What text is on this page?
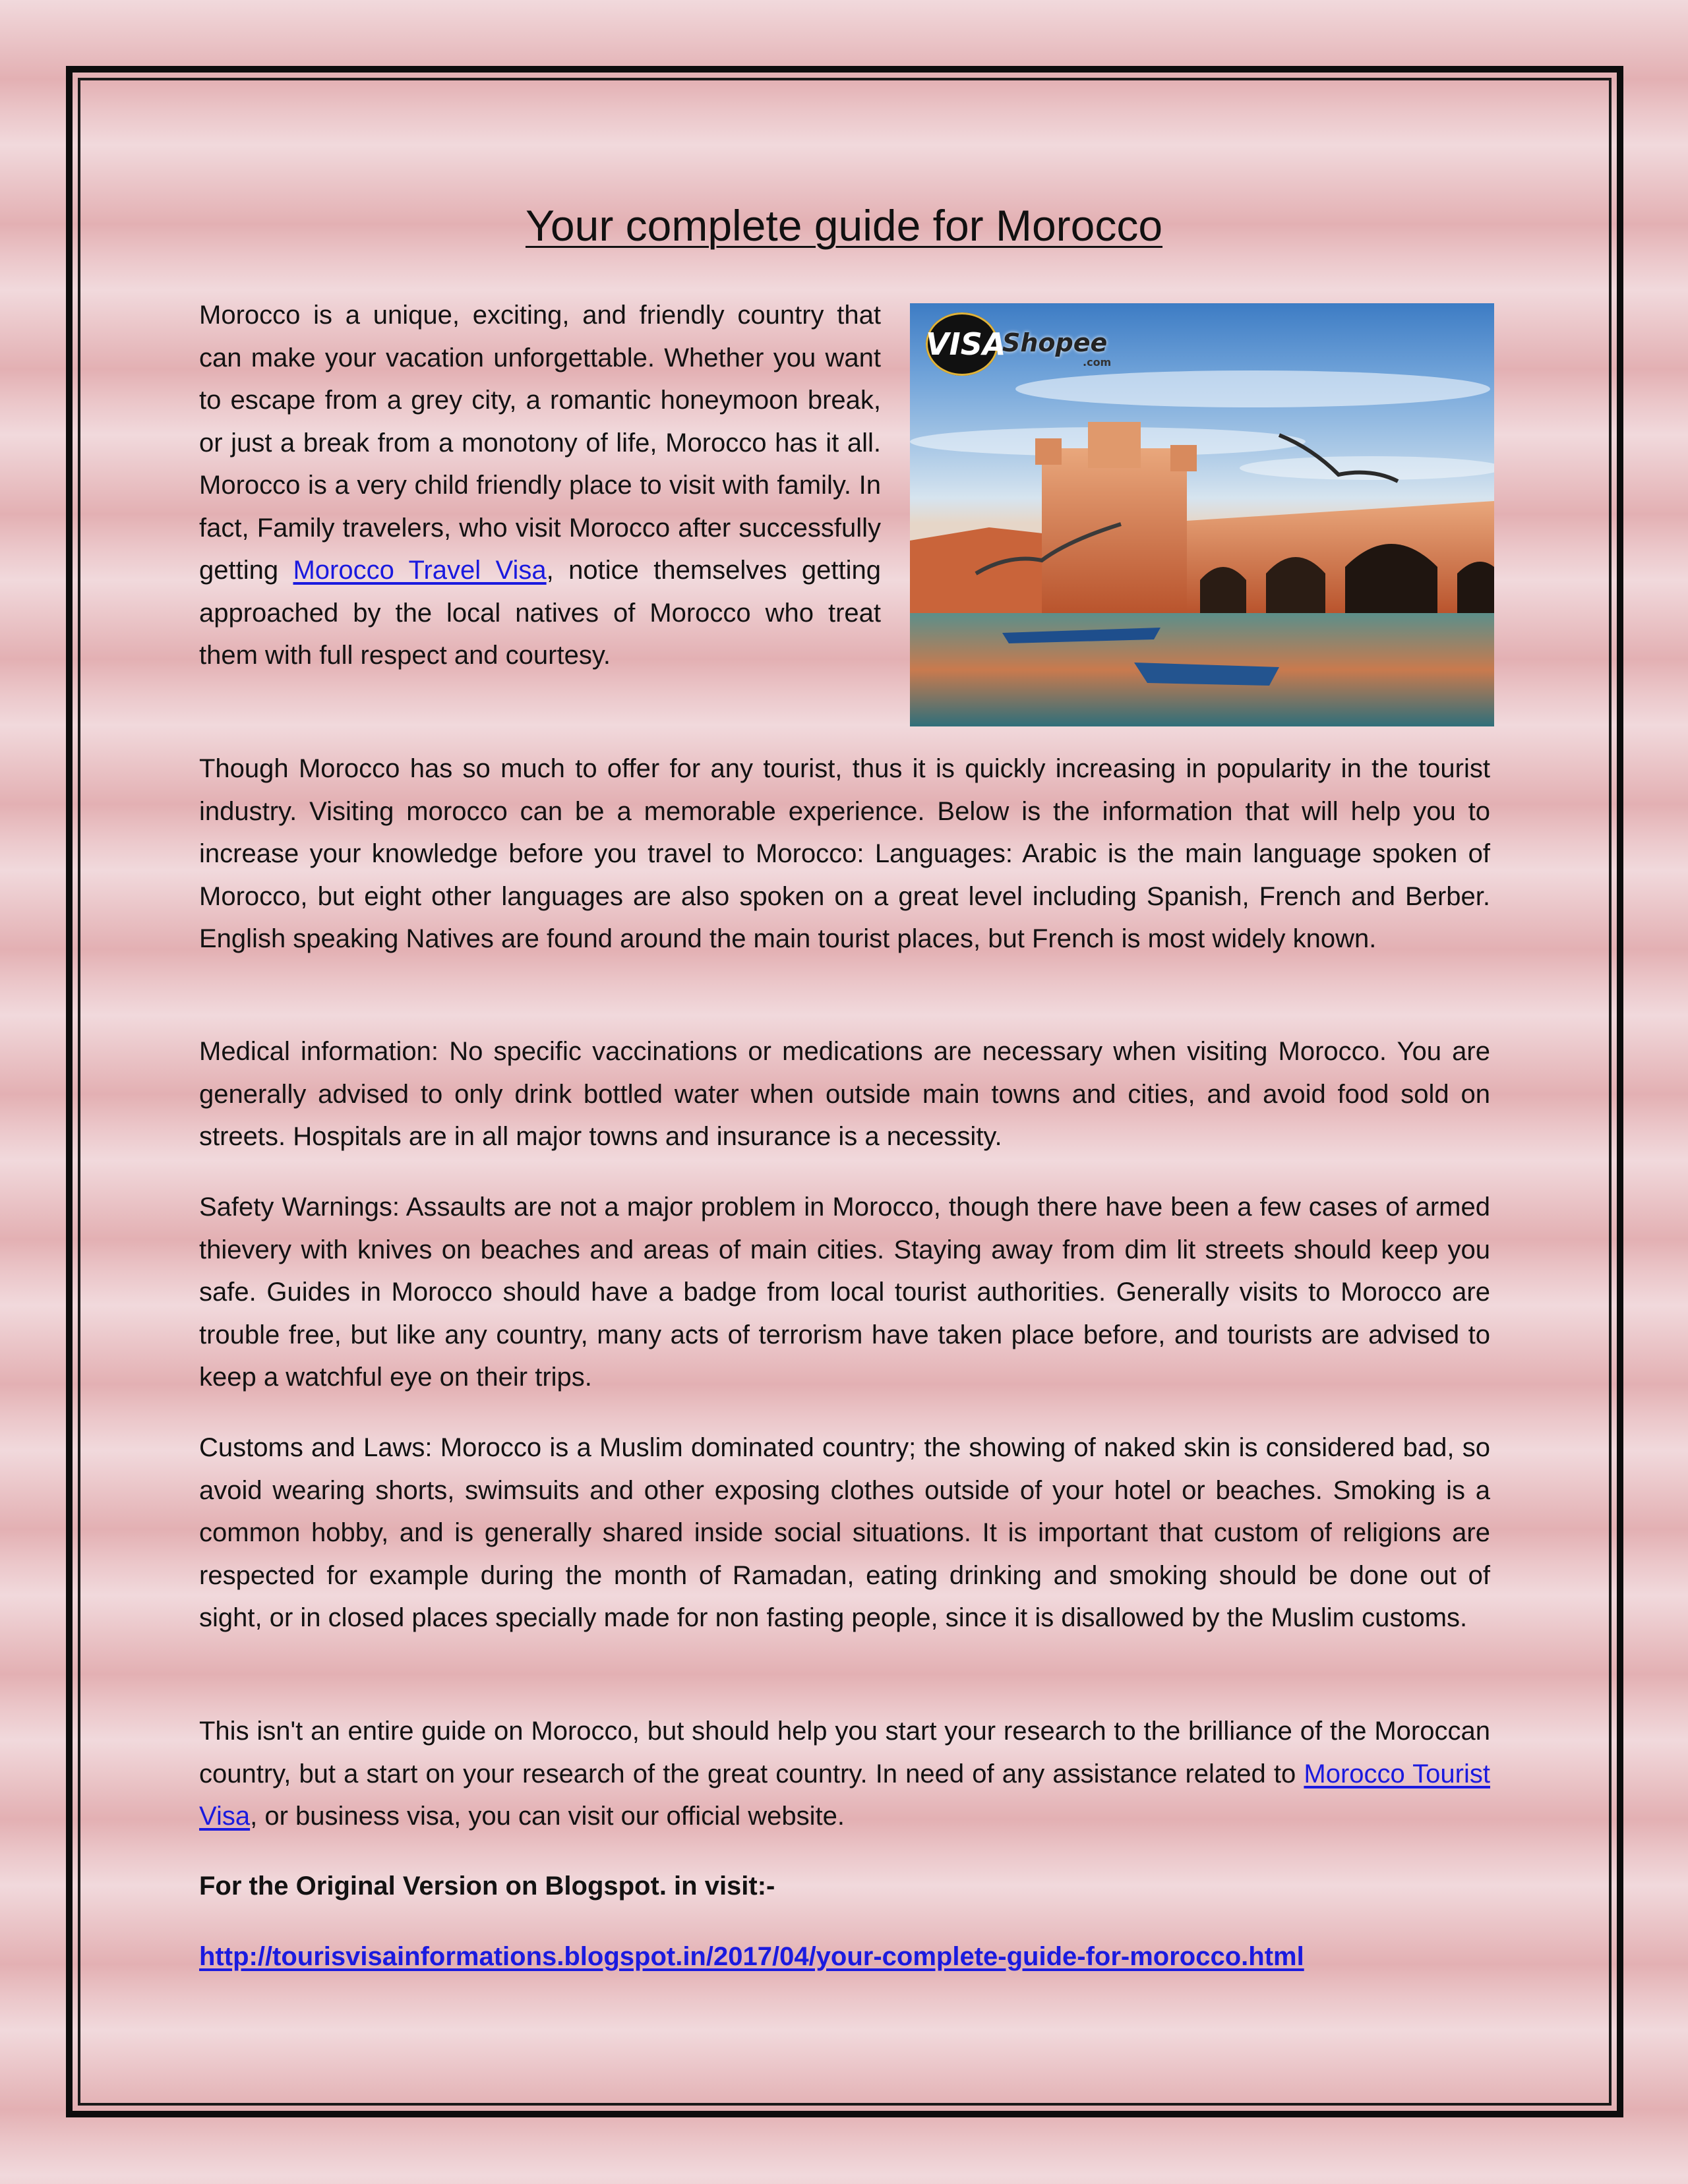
Your complete guide for Morocco
VISA
Shopee
.com

Morocco is a unique, exciting, and friendly country that can make your vacation unforgettable. Whether you want to escape from a grey city, a romantic honeymoon break, or just a break from a monotony of life, Morocco has it all. Morocco is a very child friendly place to visit with family. In fact, Family travelers, who visit Morocco after successfully getting Morocco Travel Visa, notice themselves getting approached by the local natives of Morocco who treat them with full respect and courtesy.

Though Morocco has so much to offer for any tourist, thus it is quickly increasing in popularity in the tourist industry. Visiting morocco can be a memorable experience. Below is the information that will help you to increase your knowledge before you travel to Morocco: Languages: Arabic is the main language spoken of Morocco, but eight other languages are also spoken on a great level including Spanish, French and Berber. English speaking Natives are found around the main tourist places, but French is most widely known.

Medical information: No specific vaccinations or medications are necessary when visiting Morocco. You are generally advised to only drink bottled water when outside main towns and cities, and avoid food sold on streets. Hospitals are in all major towns and insurance is a necessity.

Safety Warnings: Assaults are not a major problem in Morocco, though there have been a few cases of armed thievery with knives on beaches and areas of main cities. Staying away from dim lit streets should keep you safe. Guides in Morocco should have a badge from local tourist authorities. Generally visits to Morocco are trouble free, but like any country, many acts of terrorism have taken place before, and tourists are advised to keep a watchful eye on their trips.

Customs and Laws: Morocco is a Muslim dominated country; the showing of naked skin is considered bad, so avoid wearing shorts, swimsuits and other exposing clothes outside of your hotel or beaches. Smoking is a common hobby, and is generally shared inside social situations. It is important that custom of religions are respected for example during the month of Ramadan, eating drinking and smoking should be done out of sight, or in closed places specially made for non fasting people, since it is disallowed by the Muslim customs.

This isn't an entire guide on Morocco, but should help you start your research to the brilliance of the Moroccan country, but a start on your research of the great country. In need of any assistance related to Morocco Tourist Visa, or business visa, you can visit our official website.

For the Original Version on Blogspot. in visit:-

http://tourisvisainformations.blogspot.in/2017/04/your-complete-guide-for-morocco.html
